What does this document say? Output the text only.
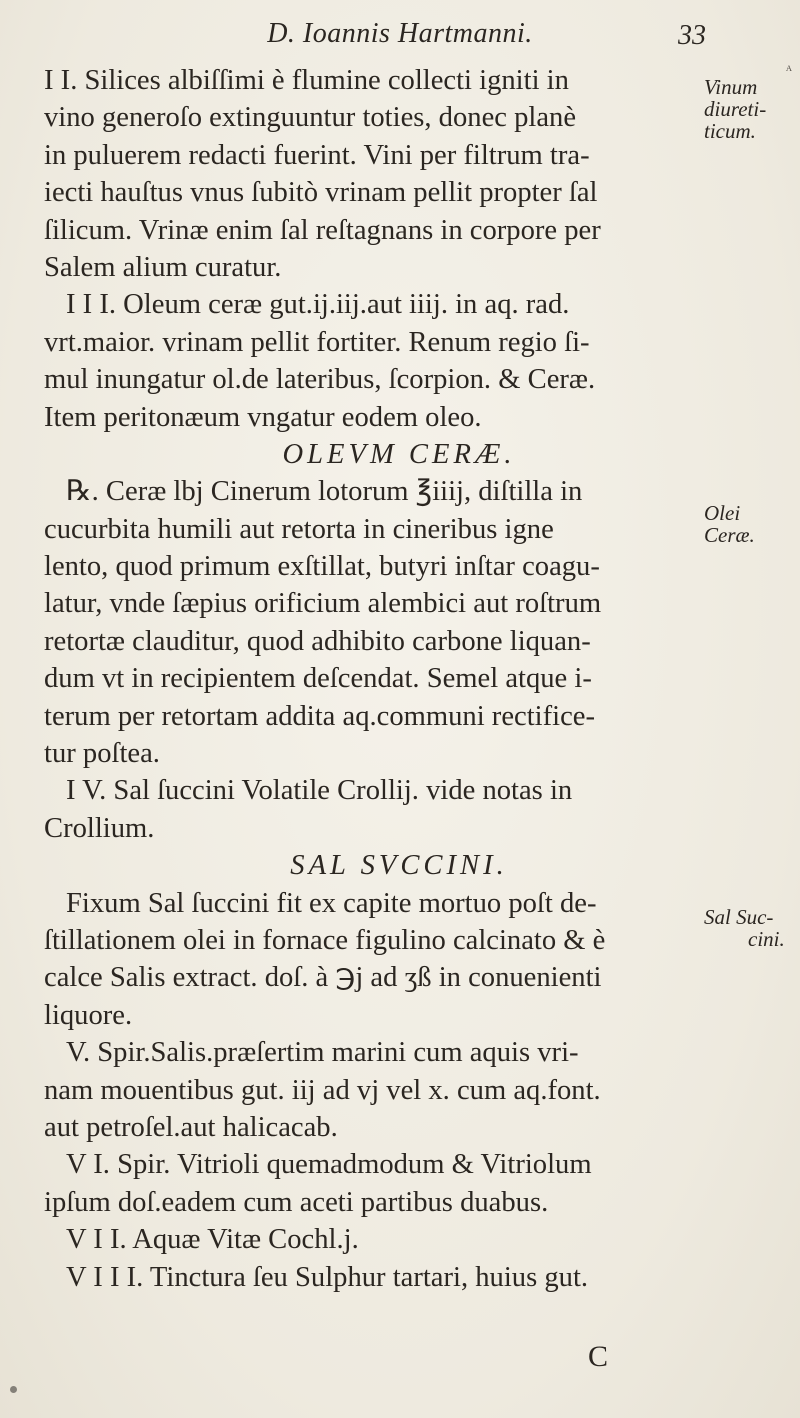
D. Ioannis Hartmanni.	33
ᴬ
I I. Silices albiſſimi è flumine collecti igniti in
vino generoſo extinguuntur toties, donec planè
in puluerem redacti fuerint. Vini per filtrum tra-
iecti hauſtus vnus ſubitò vrinam pellit propter ſal
ſilicum. Vrinæ enim ſal reſtagnans in corpore per
Salem alium curatur.
I I I. Oleum ceræ gut.ij.iij.aut iiij. in aq. rad.
vrt.maior. vrinam pellit fortiter. Renum regio ſi-
mul inungatur ol.de lateribus, ſcorpion. & Ceræ.
Item peritonæum vngatur eodem oleo.
OLEVM CERÆ.
℞. Ceræ lbj Cinerum lotorum ℥iiij, diſtilla in
cucurbita humili aut retorta in cineribus igne
lento, quod primum exſtillat, butyri inſtar coagu-
latur, vnde ſæpius orificium alembici aut roſtrum
retortæ clauditur, quod adhibito carbone liquan-
dum vt in recipientem deſcendat. Semel atque i-
terum per retortam addita aq.communi rectifice-
tur poſtea.
I V. Sal ſuccini Volatile Crollij. vide notas in
Crollium.
SAL SVCCINI.
Fixum Sal ſuccini fit ex capite mortuo poſt de-
ſtillationem olei in fornace figulino calcinato & è
calce Salis extract. doſ. à ℈j ad ʒß in conuenienti
liquore.
V. Spir.Salis.præſertim marini cum aquis vri-
nam mouentibus gut. iij ad vj vel x. cum aq.font.
aut petroſel.aut halicacab.
V I. Spir. Vitrioli quemadmodum & Vitriolum
ipſum doſ.eadem cum aceti partibus duabus.
V I I. Aquæ Vitæ Cochl.j.
V I I I. Tinctura ſeu Sulphur tartari, huius gut.
Vinum
diureti-
ticum.
Olei
Ceræ.
Sal Suc-
cini.
C
